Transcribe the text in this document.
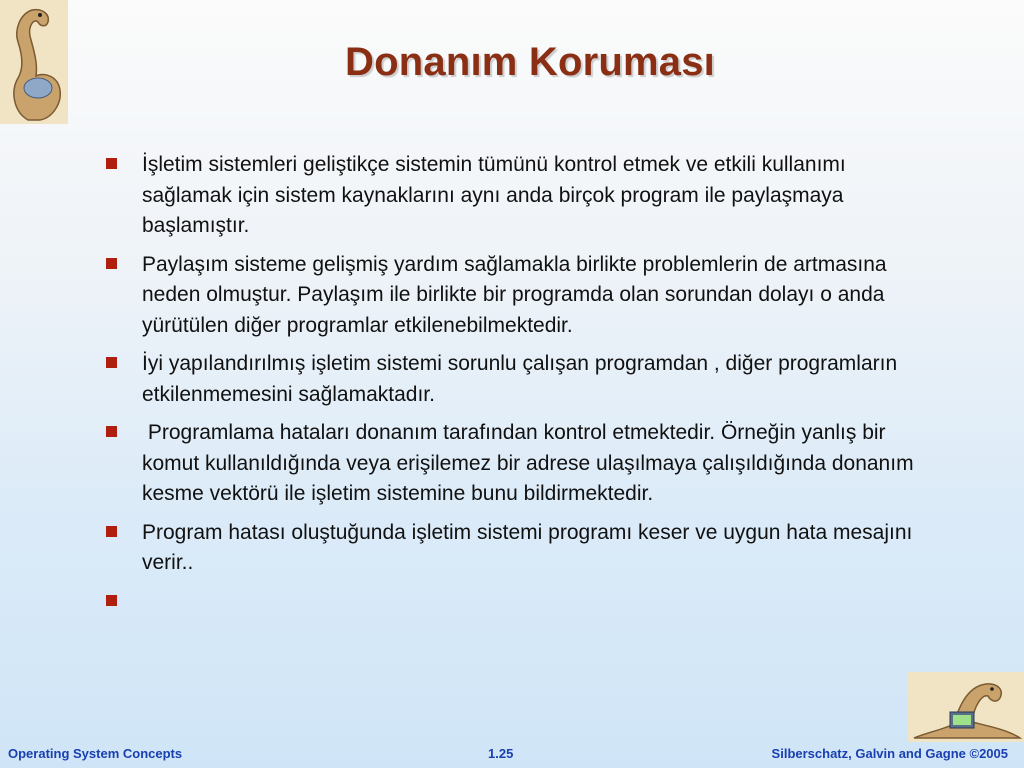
Donanım Koruması
İşletim sistemleri geliştikçe sistemin tümünü kontrol etmek ve etkili kullanımı sağlamak için sistem kaynaklarını aynı anda birçok program ile paylaşmaya başlamıştır.
Paylaşım sisteme gelişmiş yardım sağlamakla birlikte problemlerin de artmasına neden olmuştur. Paylaşım ile birlikte bir programda olan sorundan dolayı o anda yürütülen diğer programlar etkilenebilmektedir.
İyi yapılandırılmış işletim sistemi sorunlu çalışan programdan , diğer programların etkilenmemesini sağlamaktadır.
Programlama hataları donanım tarafından kontrol etmektedir. Örneğin yanlış bir  komut kullanıldığında veya erişilemez bir adrese ulaşılmaya çalışıldığında donanım kesme vektörü ile işletim sistemine bunu bildirmektedir.
Program hatası oluştuğunda işletim sistemi programı keser ve uygun hata mesajını verir..
Operating System Concepts	1.25	Silberschatz, Galvin and Gagne ©2005
